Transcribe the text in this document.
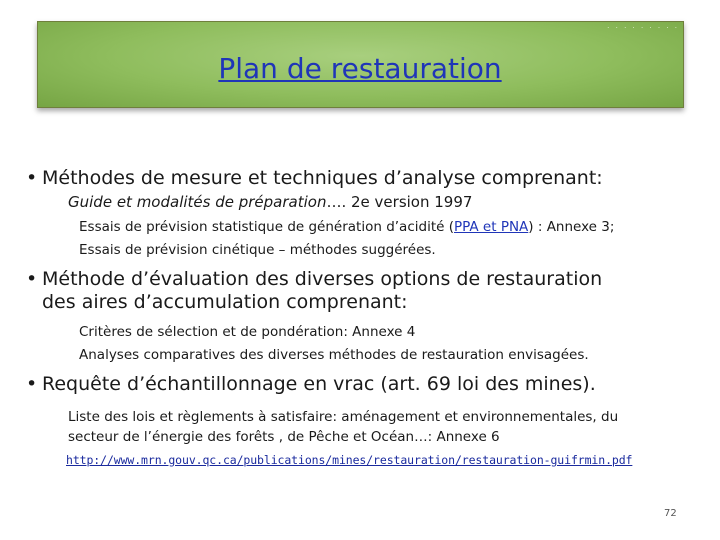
· · · · · · · · ·
Plan de restauration
• Méthodes de mesure et techniques d’analyse comprenant:
Guide et modalités de préparation…. 2e version 1997
Essais de prévision statistique de génération d’acidité (PPA et PNA) : Annexe 3;
Essais de prévision cinétique – méthodes suggérées.
• Méthode d’évaluation des diverses options de restauration
des aires d’accumulation comprenant:
Critères de sélection et de pondération: Annexe 4
Analyses comparatives des diverses méthodes de restauration envisagées.
• Requête d’échantillonnage en vrac (art. 69 loi des mines).
Liste des lois et règlements à satisfaire: aménagement et environnementales, du
secteur de l’énergie des forêts , de Pêche et Océan…: Annexe 6
http://www.mrn.gouv.qc.ca/publications/mines/restauration/restauration-guifrmin.pdf
72
